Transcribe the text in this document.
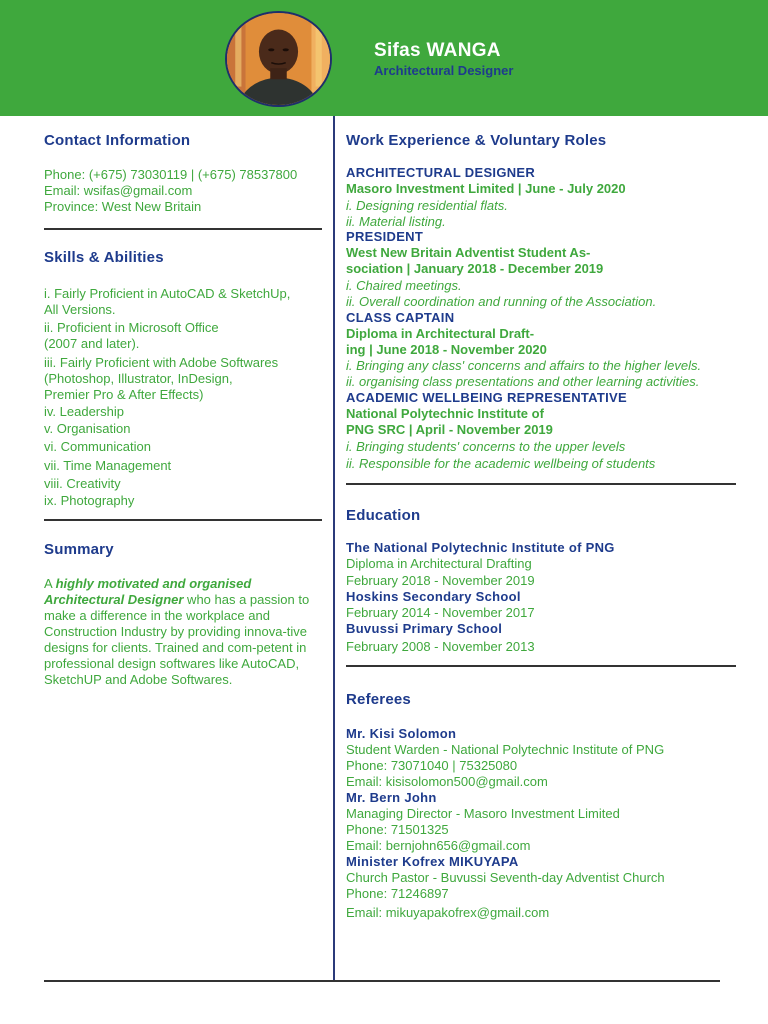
Sifas WANGA
Architectural Designer
Contact Information
Phone: (+675) 73030119 | (+675) 78537800
Email: wsifas@gmail.com
Province: West New Britain
Skills & Abilities
i. Fairly Proficient in AutoCAD & SketchUp,
All Versions.
ii. Proficient in Microsoft Office
(2007 and later).
iii. Fairly Proficient with Adobe Softwares
(Photoshop, Illustrator, InDesign,
Premier Pro & After Effects)
iv. Leadership
v. Organisation
vi. Communication
vii. Time Management
viii. Creativity
ix. Photography
Summary
A highly motivated and organised Architectural Designer who has a passion to make a difference in the workplace and Construction Industry by providing innova-tive designs for clients. Trained and com-petent in professional design softwares like AutoCAD, SketchUP and Adobe Softwares.
Work Experience & Voluntary Roles
ARCHITECTURAL DESIGNER
Masoro Investment Limited | June - July 2020
i. Designing residential flats.
ii. Material listing.
PRESIDENT
West New Britain Adventist Student As-
sociation | January 2018 - December 2019
i. Chaired meetings.
ii. Overall coordination and running of the Association.
CLASS CAPTAIN
Diploma in Architectural Draft-
ing | June 2018 - November 2020
i. Bringing any class' concerns and affairs to the higher levels.
ii. organising class presentations and other learning activities.
ACADEMIC WELLBEING REPRESENTATIVE
National Polytechnic Institute of
PNG SRC | April - November 2019
i. Bringing students' concerns to the upper levels
ii. Responsible for the academic wellbeing of students
Education
The National Polytechnic Institute of PNG
Diploma in Architectural Drafting
February 2018 - November 2019
Hoskins Secondary School
February 2014 - November 2017
Buvussi Primary School
February 2008 - November 2013
Referees
Mr. Kisi Solomon
Student Warden - National Polytechnic Institute of PNG
Phone: 73071040 | 75325080
Email: kisisolomon500@gmail.com
Mr. Bern John
Managing Director - Masoro Investment Limited
Phone: 71501325
Email: bernjohn656@gmail.com
Minister Kofrex MIKUYAPA
Church Pastor - Buvussi Seventh-day Adventist Church
Phone: 71246897
Email: mikuyapakofrex@gmail.com
